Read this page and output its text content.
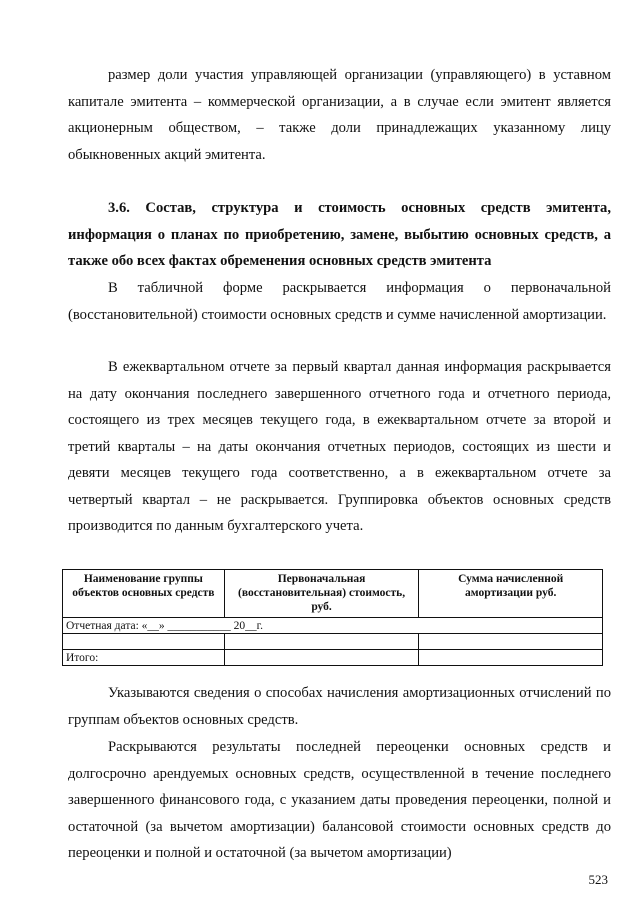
размер доли участия управляющей организации (управляющего) в уставном капитале эмитента – коммерческой организации, а в случае если эмитент является акционерным обществом, – также доли принадлежащих указанному лицу обыкновенных акций эмитента.

3.6. Состав, структура и стоимость основных средств эмитента, информация о планах по приобретению, замене, выбытию основных средств, а также обо всех фактах обременения основных средств эмитента

В табличной форме раскрывается информация о первоначальной (восстановительной) стоимости основных средств и сумме начисленной амортизации.

В ежеквартальном отчете за первый квартал данная информация раскрывается на дату окончания последнего завершенного отчетного года и отчетного периода, состоящего из трех месяцев текущего года, в ежеквартальном отчете за второй и третий кварталы – на даты окончания отчетных периодов, состоящих из шести и девяти месяцев текущего года соответственно, а в ежеквартальном отчете за четвертый квартал – не раскрывается. Группировка объектов основных средств производится по данным бухгалтерского учета.

Наименование группы объектов основных средств	Первоначальная (восстановительная) стоимость, руб.	Сумма начисленной амортизации руб.
Отчетная дата: «__» ___________ 20__г.		

Итого:		

Указываются сведения о способах начисления амортизационных отчислений по группам объектов основных средств.

Раскрываются результаты последней переоценки основных средств и долгосрочно арендуемых основных средств, осуществленной в течение последнего завершенного финансового года, с указанием даты проведения переоценки, полной и остаточной (за вычетом амортизации) балансовой стоимости основных средств до переоценки и полной и остаточной (за вычетом амортизации)

523
